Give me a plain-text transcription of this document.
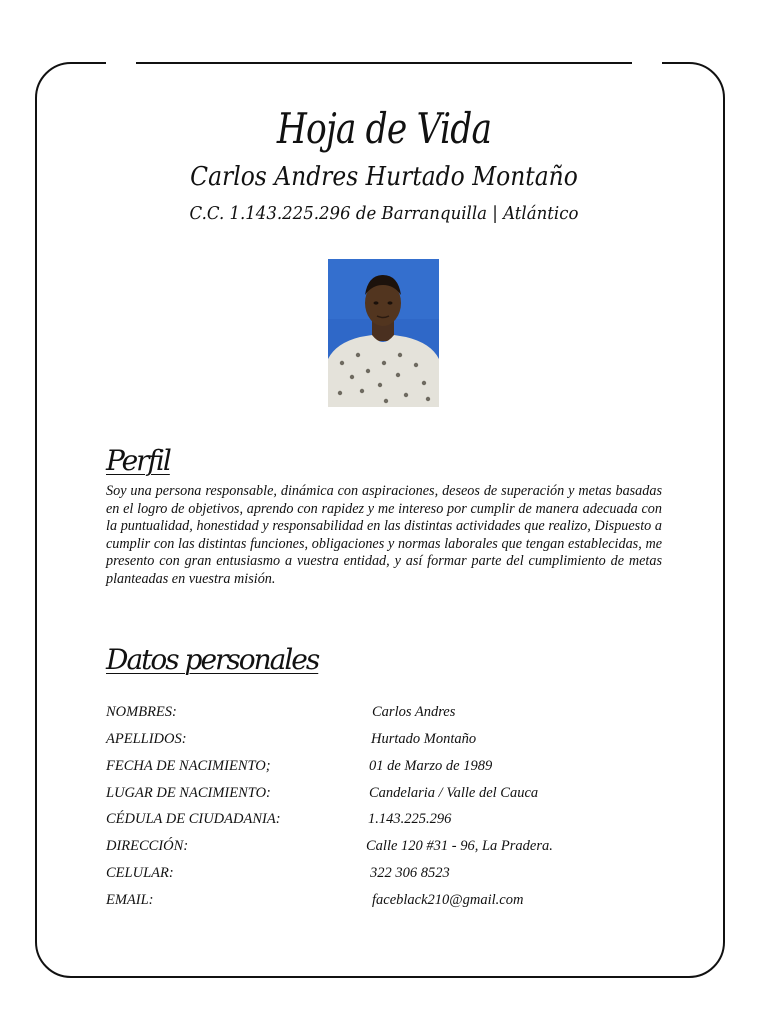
Hoja de Vida
Carlos Andres Hurtado Montaño
C.C. 1.143.225.296 de Barranquilla | Atlántico
Perfil
Soy una persona responsable, dinámica con aspiraciones, deseos de superación y metas basadas en el logro de objetivos, aprendo con rapidez y me intereso por cumplir de manera adecuada con la puntualidad, honestidad y responsabilidad en las distintas actividades que realizo, Dispuesto a cumplir con las distintas funciones, obligaciones y normas laborales que tengan establecidas, me presento con gran entusiasmo a vuestra entidad, y así formar parte del cumplimiento de metas planteadas en vuestra misión.
Datos personales
NOMBRES:	Carlos Andres
APELLIDOS:	Hurtado Montaño
FECHA DE NACIMIENTO;	01 de Marzo de 1989
LUGAR DE NACIMIENTO:	Candelaria / Valle del Cauca
CÉDULA DE CIUDADANIA:	1.143.225.296
DIRECCIÓN:	Calle 120 #31 - 96, La Pradera.
CELULAR:	322 306 8523
EMAIL:	faceblack210@gmail.com
